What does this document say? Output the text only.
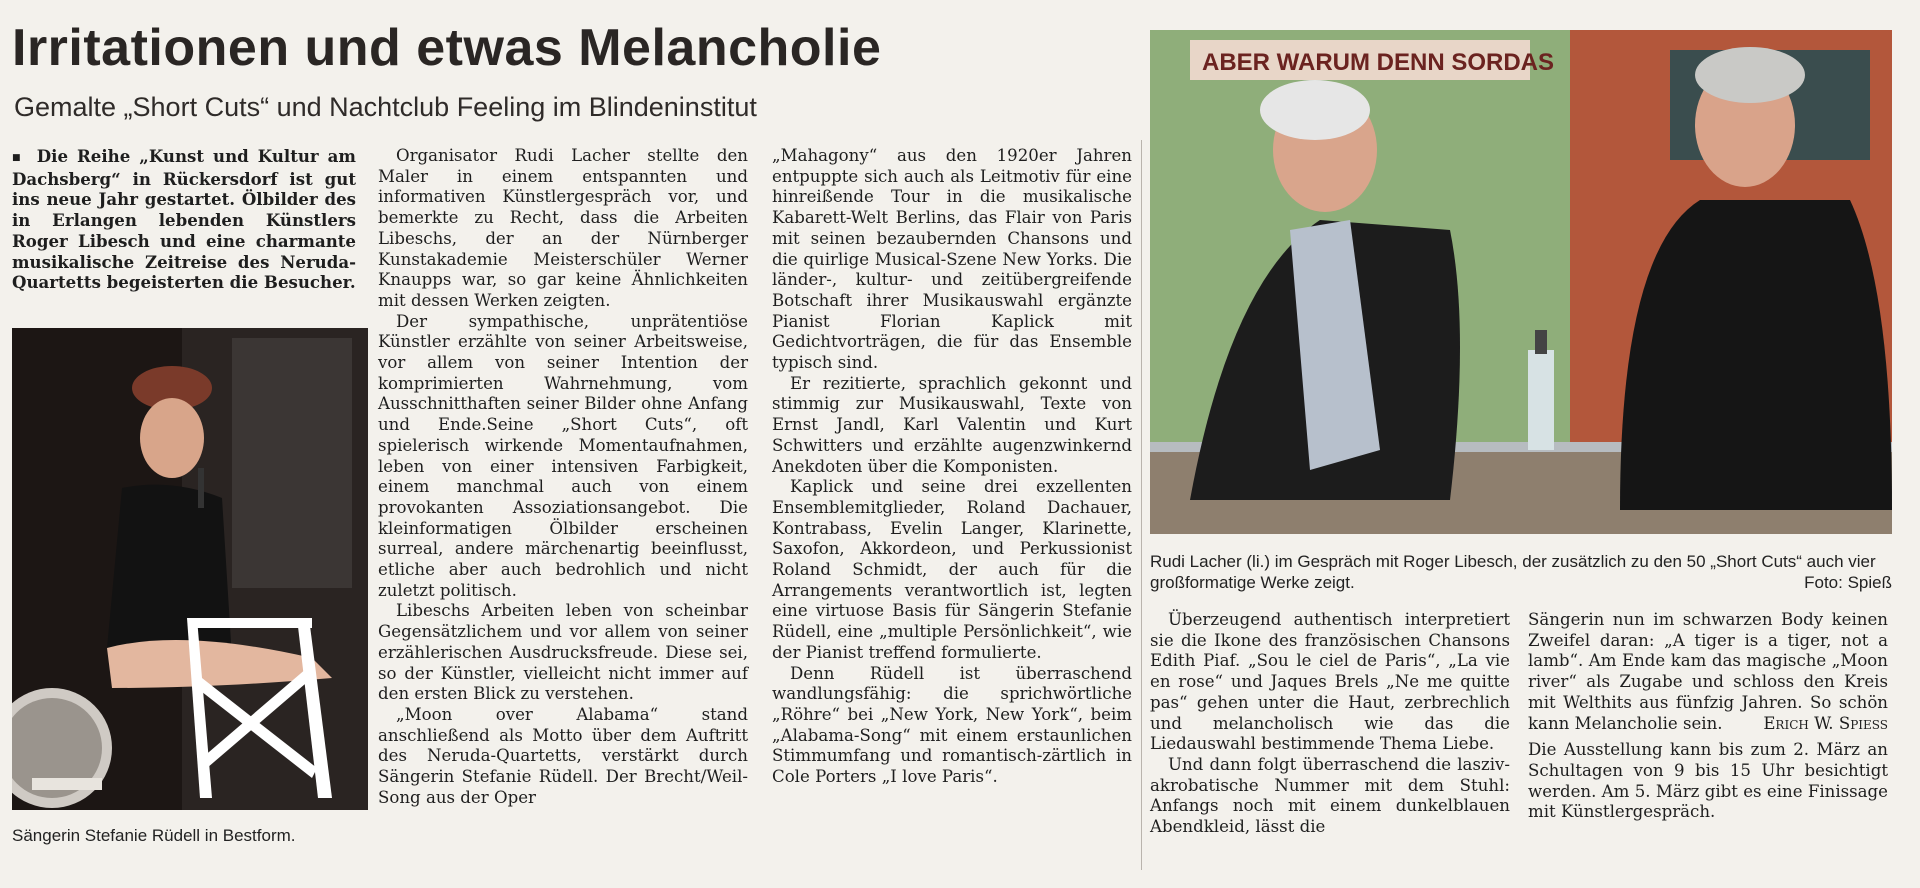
Irritationen und etwas Melancholie
Gemalte „Short Cuts“ und Nachtclub Feeling im Blindeninstitut
■ Die Reihe „Kunst und Kultur am Dachsberg“ in Rückersdorf ist gut ins neue Jahr gestartet. Ölbilder des in Erlangen lebenden Künstlers Roger Libesch und eine charmante musikalische Zeitreise des Neruda-Quartetts begeisterten die Besucher.
Sängerin Stefanie Rüdell in Bestform.

Organisator Rudi Lacher stellte den Maler in einem entspannten und informativen Künstlergespräch vor, und bemerkte zu Recht, dass die Arbeiten Libeschs, der an der Nürnberger Kunstakademie Meisterschüler Werner Knaupps war, so gar keine Ähnlichkeiten mit dessen Werken zeigten.

Der sympathische, unprätentiöse Künstler erzählte von seiner Arbeitsweise, vor allem von seiner Intention der komprimierten Wahrnehmung, vom Ausschnitthaften seiner Bilder ohne Anfang und Ende.Seine „Short Cuts“, oft spielerisch wirkende Momentaufnahmen, leben von einer intensiven Farbigkeit, einem manchmal auch von einem provokanten Assoziationsangebot. Die kleinformatigen Ölbilder erscheinen surreal, andere märchenartig beeinflusst, etliche aber auch bedrohlich und nicht zuletzt politisch.

Libeschs Arbeiten leben von scheinbar Gegensätzlichem und vor allem von seiner erzählerischen Ausdrucksfreude. Diese sei, so der Künstler, vielleicht nicht immer auf den ersten Blick zu verstehen.

„Moon over Alabama“ stand anschließend als Motto über dem Auftritt des Neruda-Quartetts, verstärkt durch Sängerin Stefanie Rüdell. Der Brecht/Weil-Song aus der Oper

„Mahagony“ aus den 1920er Jahren entpuppte sich auch als Leitmotiv für eine hinreißende Tour in die musikalische Kabarett-Welt Berlins, das Flair von Paris mit seinen bezaubernden Chansons und die quirlige Musical-Szene New Yorks. Die länder-, kultur- und zeitübergreifende Botschaft ihrer Musikauswahl ergänzte Pianist Florian Kaplick mit Gedichtvorträgen, die für das Ensemble typisch sind.

Er rezitierte, sprachlich gekonnt und stimmig zur Musikauswahl, Texte von Ernst Jandl, Karl Valentin und Kurt Schwitters und erzählte augenzwinkernd Anekdoten über die Komponisten.

Kaplick und seine drei exzellenten Ensemblemitglieder, Roland Dachauer, Kontrabass, Evelin Langer, Klarinette, Saxofon, Akkordeon, und Perkussionist Roland Schmidt, der auch für die Arrangements verantwortlich ist, legten eine virtuose Basis für Sängerin Stefanie Rüdell, eine „multiple Persönlichkeit“, wie der Pianist treffend formulierte.

Denn Rüdell ist überraschend wandlungsfähig: die sprichwörtliche „Röhre“ bei „New York, New York“, beim „Alabama-Song“ mit einem erstaunlichen Stimmumfang und romantisch-zärtlich in Cole Porters „I love Paris“.

ABER WARUM DENN SORDAS
Rudi Lacher (li.) im Gespräch mit Roger Libesch, der zusätzlich zu den 50 „Short Cuts“ auch vier großformatige Werke zeigt.	Foto: Spieß

Überzeugend authentisch interpretiert sie die Ikone des französischen Chansons Edith Piaf. „Sou le ciel de Paris“, „La vie en rose“ und Jaques Brels „Ne me quitte pas“ gehen unter die Haut, zerbrechlich und melancholisch wie das die Liedauswahl bestimmende Thema Liebe.

Und dann folgt überraschend die lasziv-akrobatische Nummer mit dem Stuhl: Anfangs noch mit einem dunkelblauen Abendkleid, lässt die

Sängerin nun im schwarzen Body keinen Zweifel daran: „A tiger is a tiger, not a lamb“. Am Ende kam das magische „Moon river“ als Zugabe und schloss den Kreis mit Welthits aus fünfzig Jahren. So schön kann Melancholie sein. Erich W. Spiess

Die Ausstellung kann bis zum 2. März an Schultagen von 9 bis 15 Uhr besichtigt werden. Am 5. März gibt es eine Finissage mit Künstlergespräch.
